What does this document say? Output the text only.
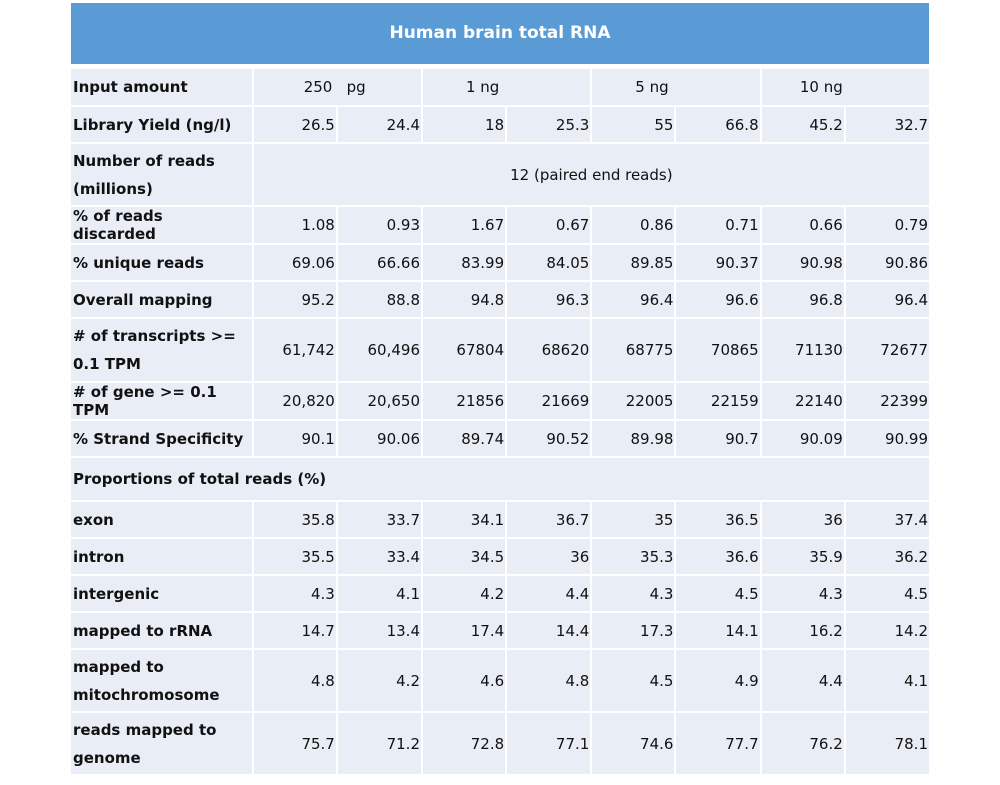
Human brain total RNA
Input amount	250 pg		1 ng		5 ng		10 ng	
Library Yield (ng/l)	26.5	24.4	18	25.3	55	66.8	45.2	32.7

Number of reads
(millions)	12 (paired end reads)							
% of reads discarded	1.08	0.93	1.67	0.67	0.86	0.71	0.66	0.79
% unique reads	69.06	66.66	83.99	84.05	89.85	90.37	90.98	90.86
Overall mapping	95.2	88.8	94.8	96.3	96.4	96.6	96.8	96.4

# of transcripts >=
0.1 TPM	61,742	60,496	67804	68620	68775	70865	71130	72677
# of gene >= 0.1 TPM	20,820	20,650	21856	21669	22005	22159	22140	22399
% Strand Specificity	90.1	90.06	89.74	90.52	89.98	90.7	90.09	90.99
Proportions of total reads (%)								
exon	35.8	33.7	34.1	36.7	35	36.5	36	37.4
intron	35.5	33.4	34.5	36	35.3	36.6	35.9	36.2
intergenic	4.3	4.1	4.2	4.4	4.3	4.5	4.3	4.5
mapped to rRNA	14.7	13.4	17.4	14.4	17.3	14.1	16.2	14.2

mapped to
mitochromosome	4.8	4.2	4.6	4.8	4.5	4.9	4.4	4.1

reads mapped to
genome	75.7	71.2	72.8	77.1	74.6	77.7	76.2	78.1
